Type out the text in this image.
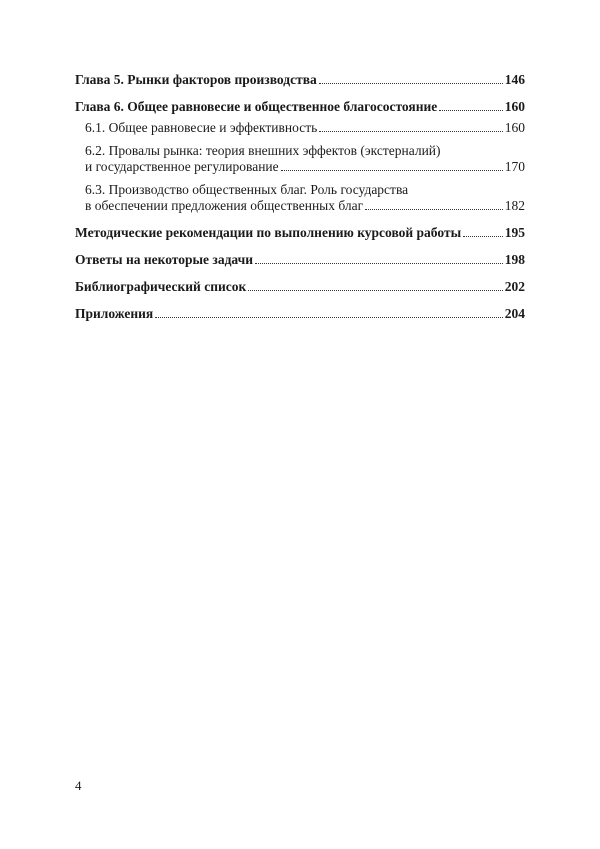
Глава 5. Рынки факторов производства	146
Глава 6. Общее равновесие и общественное благосостояние	160
6.1. Общее равновесие и эффективность	160
6.2. Провалы рынка: теория внешних эффектов (экстерналий)
и государственное регулирование	170
6.3. Производство общественных благ. Роль государства
в обеспечении предложения общественных благ	182
Методические рекомендации по выполнению курсовой работы	195
Ответы на некоторые задачи	198
Библиографический список	202
Приложения	204
4
